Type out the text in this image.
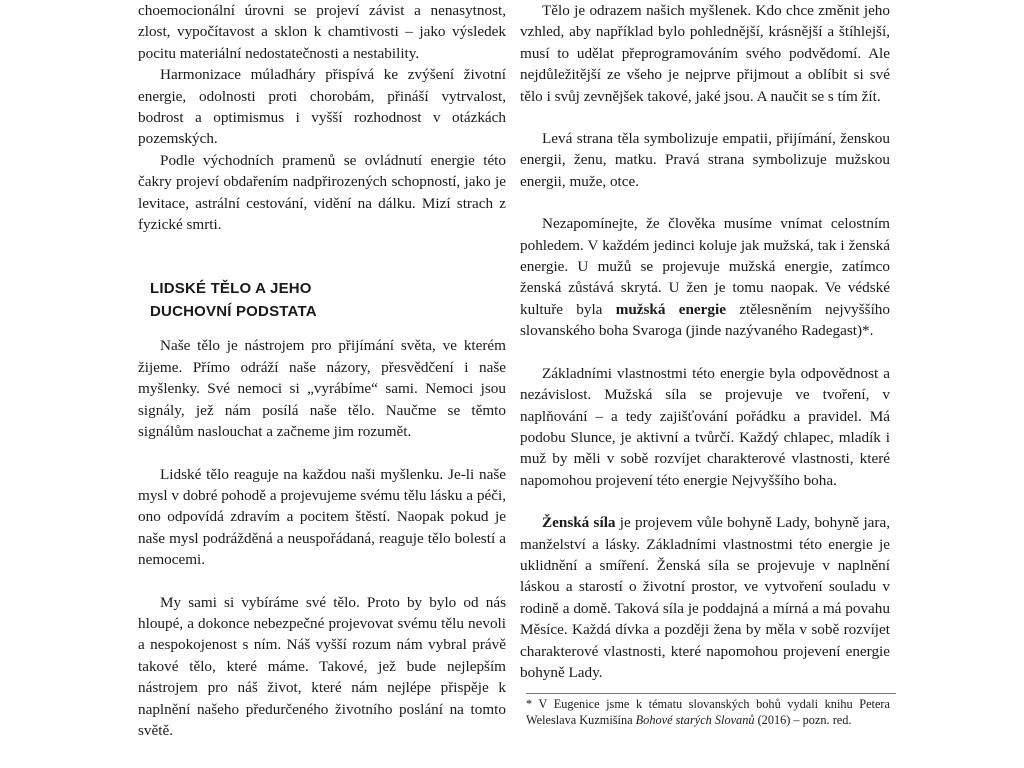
choemocionální úrovni se projeví závist a nenasytnost, zlost, vypočítavost a sklon k chamtivosti – jako výsledek pocitu materiální nedostatečnosti a nestability.

Harmonizace múladháry přispívá ke zvýšení životní energie, odolnosti proti chorobám, přináší vytrvalost, bodrost a optimismus i vyšší rozhodnost v otázkách pozemských.

Podle východních pramenů se ovládnutí energie této čakry projeví obdařením nadpřirozených schopností, jako je levitace, astrální cestování, vidění na dálku. Mizí strach z fyzické smrti.

LIDSKÉ TĚLO A JEHO
DUCHOVNÍ PODSTATA

Naše tělo je nástrojem pro přijímání světa, ve kterém žijeme. Přímo odráží naše názory, přesvědčení i naše myšlenky. Své nemoci si „vyrábíme“ sami. Nemoci jsou signály, jež nám posílá naše tělo. Naučme se těmto signálům naslouchat a začneme jim rozumět.

Lidské tělo reaguje na každou naši myšlenku. Je-li naše mysl v dobré pohodě a projevujeme svému tělu lásku a péči, ono odpovídá zdravím a pocitem štěstí. Naopak pokud je naše mysl podrážděná a neuspořádaná, reaguje tělo bolestí a nemocemi.

My sami si vybíráme své tělo. Proto by bylo od nás hloupé, a dokonce nebezpečné projevovat svému tělu nevoli a nespokojenost s ním. Náš vyšší rozum nám vybral právě takové tělo, které máme. Takové, jež bude nejlepším nástrojem pro náš život, které nám nejlépe přispěje k naplnění našeho předurčeného životního poslání na tomto světě.

Tělo je odrazem našich myšlenek. Kdo chce změnit jeho vzhled, aby například bylo pohlednější, krásnější a štíhlejší, musí to udělat přeprogramováním svého podvědomí. Ale nejdůležitější ze všeho je nejprve přijmout a oblíbit si své tělo i svůj zevnějšek takové, jaké jsou. A naučit se s tím žít.

Levá strana těla symbolizuje empatii, přijímání, ženskou energii, ženu, matku. Pravá strana symbolizuje mužskou energii, muže, otce.

Nezapomínejte, že člověka musíme vnímat celostním pohledem. V každém jedinci koluje jak mužská, tak i ženská energie. U mužů se projevuje mužská energie, zatímco ženská zůstává skrytá. U žen je tomu naopak. Ve védské kultuře byla mužská energie ztělesněním nejvyššího slovanského boha Svaroga (jinde nazývaného Radegast)*.

Základními vlastnostmi této energie byla odpovědnost a nezávislost. Mužská síla se projevuje ve tvoření, v naplňování – a tedy zajišťování pořádku a pravidel. Má podobu Slunce, je aktivní a tvůrčí. Každý chlapec, mladík i muž by měli v sobě rozvíjet charakterové vlastnosti, které napomohou projevení této energie Nejvyššího boha.

Ženská síla je projevem vůle bohyně Lady, bohyně jara, manželství a lásky. Základními vlastnostmi této energie je uklidnění a smíření. Ženská síla se projevuje v naplnění láskou a starostí o životní prostor, ve vytvoření souladu v rodině a domě. Taková síla je poddajná a mírná a má povahu Měsíce. Každá dívka a později žena by měla v sobě rozvíjet charakterové vlastnosti, které napomohou projevení energie bohyně Lady.

* V Eugenice jsme k tématu slovanských bohů vydali knihu Petera Weleslava Kuzmišína Bohové starých Slovanů (2016) – pozn. red.
